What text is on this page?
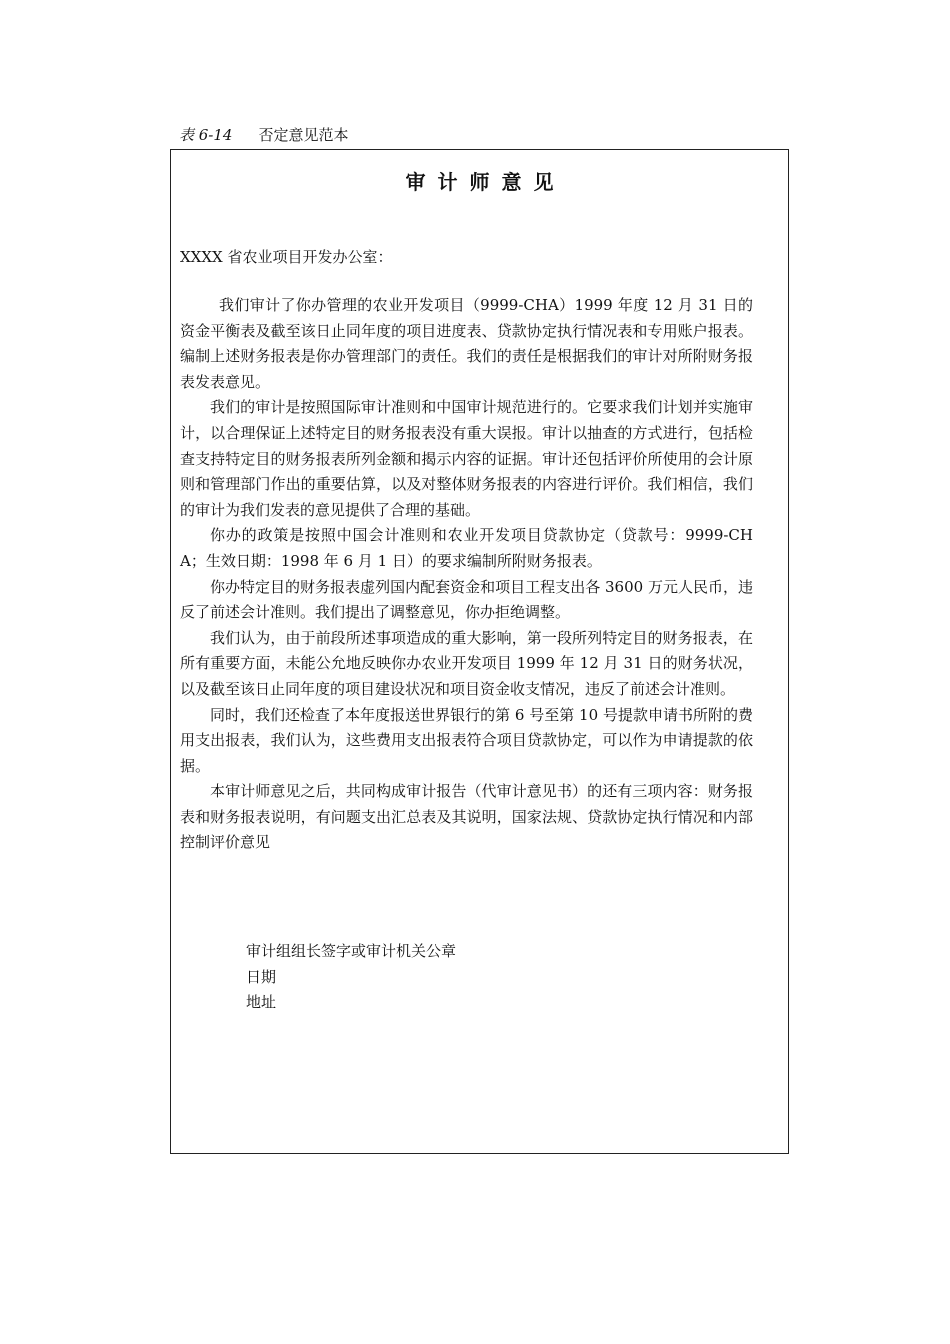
表 6-14 否定意见范本
审计师意见
XXXX 省农业项目开发办公室：

我们审计了你办管理的农业开发项目（9999-CHA）1999 年度 12 月 31 日的资金平衡表及截至该日止同年度的项目进度表、贷款协定执行情况表和专用账户报表。编制上述财务报表是你办管理部门的责任。我们的责任是根据我们的审计对所附财务报表发表意见。

我们的审计是按照国际审计准则和中国审计规范进行的。它要求我们计划并实施审计，以合理保证上述特定目的财务报表没有重大误报。审计以抽查的方式进行，包括检查支持特定目的财务报表所列金额和揭示内容的证据。审计还包括评价所使用的会计原则和管理部门作出的重要估算，以及对整体财务报表的内容进行评价。我们相信，我们的审计为我们发表的意见提供了合理的基础。

你办的政策是按照中国会计准则和农业开发项目贷款协定（贷款号：9999-CHA；生效日期：1998 年 6 月 1 日）的要求编制所附财务报表。

你办特定目的财务报表虚列国内配套资金和项目工程支出各 3600 万元人民币，违反了前述会计准则。我们提出了调整意见，你办拒绝调整。

我们认为，由于前段所述事项造成的重大影响，第一段所列特定目的财务报表，在所有重要方面，未能公允地反映你办农业开发项目 1999 年 12 月 31 日的财务状况，以及截至该日止同年度的项目建设状况和项目资金收支情况，违反了前述会计准则。

同时，我们还检查了本年度报送世界银行的第 6 号至第 10 号提款申请书所附的费用支出报表，我们认为，这些费用支出报表符合项目贷款协定，可以作为申请提款的依据。

本审计师意见之后，共同构成审计报告（代审计意见书）的还有三项内容：财务报表和财务报表说明，有问题支出汇总表及其说明，国家法规、贷款协定执行情况和内部控制评价意见

审计组组长签字或审计机关公章
日期
地址
